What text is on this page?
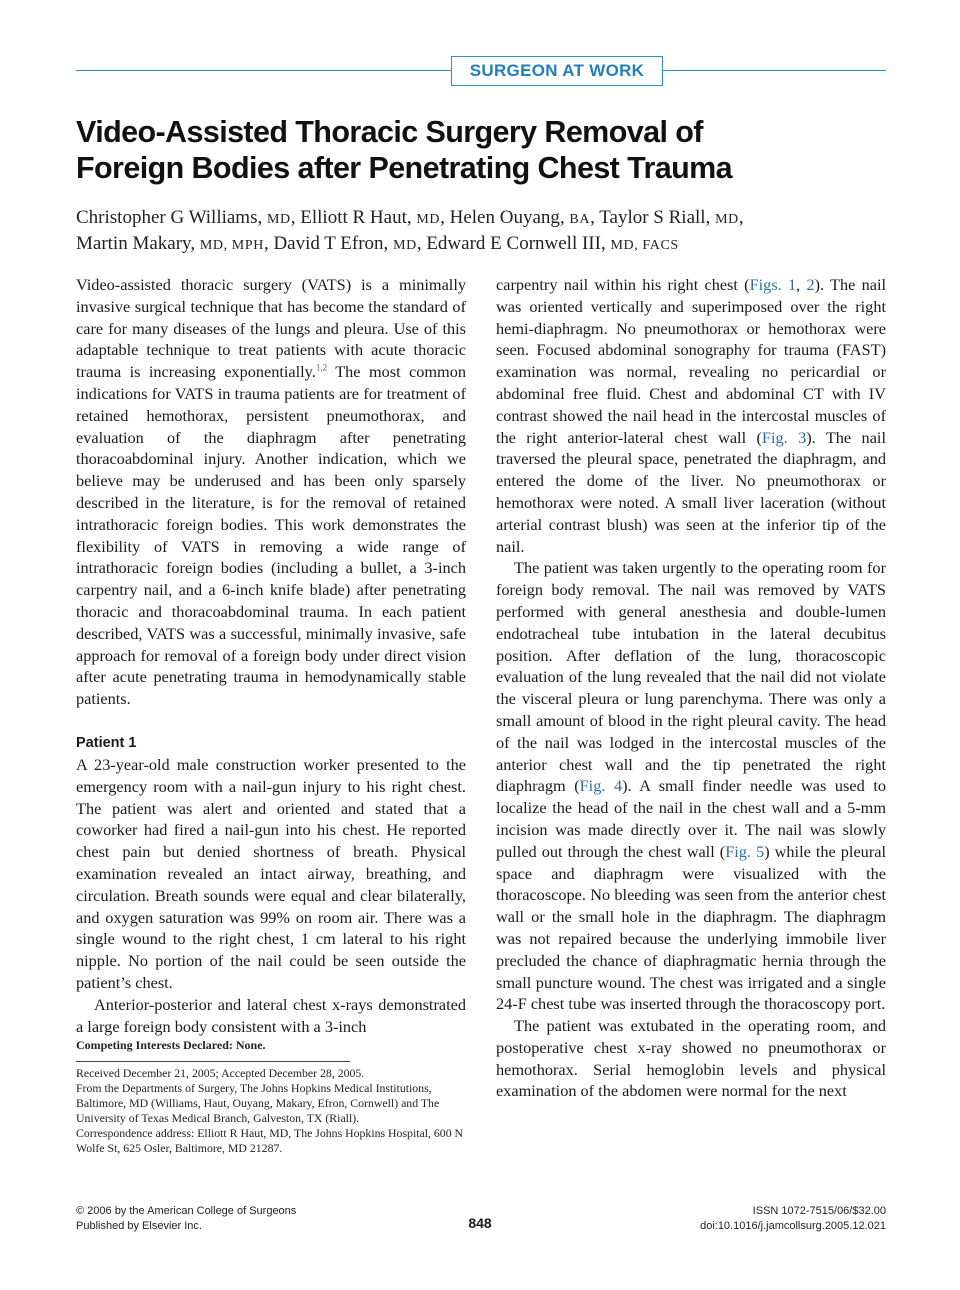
SURGEON AT WORK
Video-Assisted Thoracic Surgery Removal of
Foreign Bodies after Penetrating Chest Trauma
Christopher G Williams, MD, Elliott R Haut, MD, Helen Ouyang, BA, Taylor S Riall, MD,
Martin Makary, MD, MPH, David T Efron, MD, Edward E Cornwell III, MD, FACS

Video-assisted thoracic surgery (VATS) is a minimally invasive surgical technique that has become the standard of care for many diseases of the lungs and pleura. Use of this adaptable technique to treat patients with acute thoracic trauma is increasing exponentially.$^{1,2}$ The most common indications for VATS in trauma patients are for treatment of retained hemothorax, persistent pneumothorax, and evaluation of the diaphragm after penetrating thoracoabdominal injury. Another indication, which we believe may be underused and has been only sparsely described in the literature, is for the removal of retained intrathoracic foreign bodies. This work demonstrates the flexibility of VATS in removing a wide range of intrathoracic foreign bodies (including a bullet, a 3-inch carpentry nail, and a 6-inch knife blade) after penetrating thoracic and thoracoabdominal trauma. In each patient described, VATS was a successful, minimally invasive, safe approach for removal of a foreign body under direct vision after acute penetrating trauma in hemodynamically stable patients.

Patient 1

A 23-year-old male construction worker presented to the emergency room with a nail-gun injury to his right chest. The patient was alert and oriented and stated that a coworker had fired a nail-gun into his chest. He reported chest pain but denied shortness of breath. Physical examination revealed an intact airway, breathing, and circulation. Breath sounds were equal and clear bilaterally, and oxygen saturation was 99% on room air. There was a single wound to the right chest, 1 cm lateral to his right nipple. No portion of the nail could be seen outside the patient’s chest.

Anterior-posterior and lateral chest x-rays demonstrated a large foreign body consistent with a 3-inch

Competing Interests Declared: None.
Received December 21, 2005; Accepted December 28, 2005.
From the Departments of Surgery, The Johns Hopkins Medical Institutions, Baltimore, MD (Williams, Haut, Ouyang, Makary, Efron, Cornwell) and The University of Texas Medical Branch, Galveston, TX (Riall).
Correspondence address: Elliott R Haut, MD, The Johns Hopkins Hospital, 600 N Wolfe St, 625 Osler, Baltimore, MD 21287.

carpentry nail within his right chest (Figs. 1, 2). The nail was oriented vertically and superimposed over the right hemi-diaphragm. No pneumothorax or hemothorax were seen. Focused abdominal sonography for trauma (FAST) examination was normal, revealing no pericardial or abdominal free fluid. Chest and abdominal CT with IV contrast showed the nail head in the intercostal muscles of the right anterior-lateral chest wall (Fig. 3). The nail traversed the pleural space, penetrated the diaphragm, and entered the dome of the liver. No pneumothorax or hemothorax were noted. A small liver laceration (without arterial contrast blush) was seen at the inferior tip of the nail.

The patient was taken urgently to the operating room for foreign body removal. The nail was removed by VATS performed with general anesthesia and double-lumen endotracheal tube intubation in the lateral decubitus position. After deflation of the lung, thoracoscopic evaluation of the lung revealed that the nail did not violate the visceral pleura or lung parenchyma. There was only a small amount of blood in the right pleural cavity. The head of the nail was lodged in the intercostal muscles of the anterior chest wall and the tip penetrated the right diaphragm (Fig. 4). A small finder needle was used to localize the head of the nail in the chest wall and a 5-mm incision was made directly over it. The nail was slowly pulled out through the chest wall (Fig. 5) while the pleural space and diaphragm were visualized with the thoracoscope. No bleeding was seen from the anterior chest wall or the small hole in the diaphragm. The diaphragm was not repaired because the underlying immobile liver precluded the chance of diaphragmatic hernia through the small puncture wound. The chest was irrigated and a single 24-F chest tube was inserted through the thoracoscopy port.

The patient was extubated in the operating room, and postoperative chest x-ray showed no pneumothorax or hemothorax. Serial hemoglobin levels and physical examination of the abdomen were normal for the next

© 2006 by the American College of Surgeons
Published by Elsevier Inc.	848
ISSN 1072-7515/06/$32.00
doi:10.1016/j.jamcollsurg.2005.12.021
